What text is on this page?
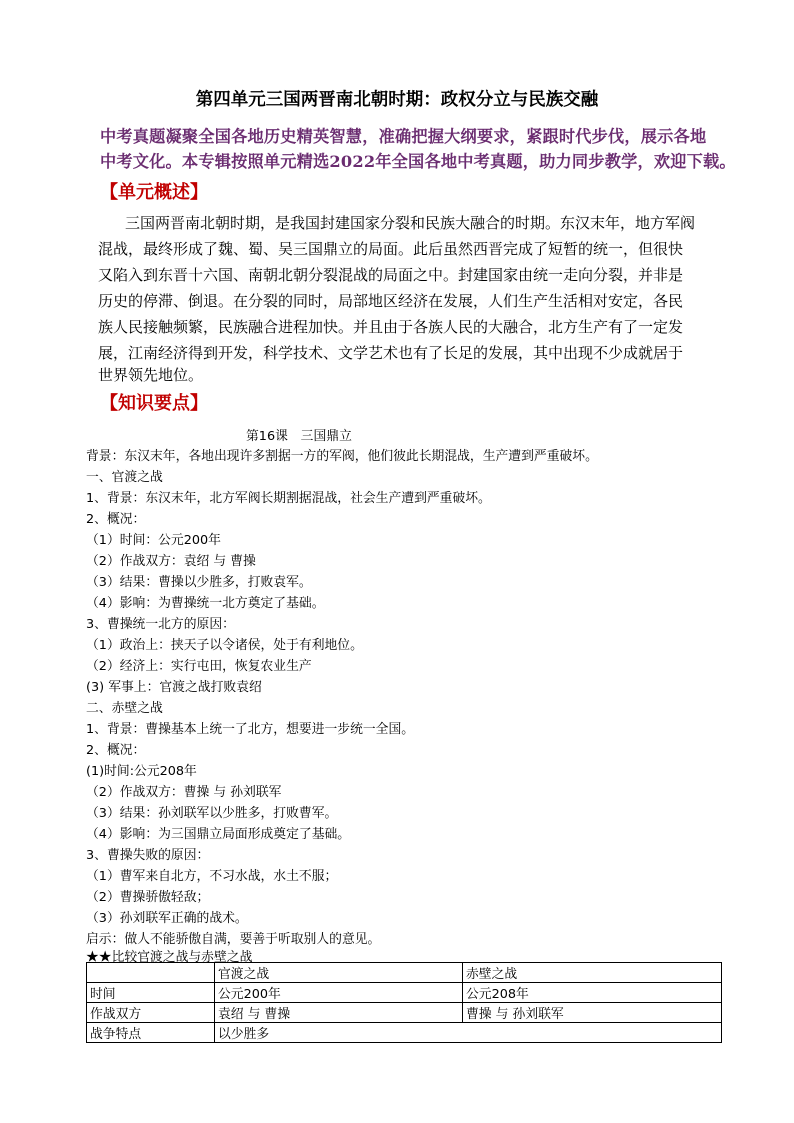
第四单元三国两晋南北朝时期：政权分立与民族交融
中考真题凝聚全国各地历史精英智慧，准确把握大纲要求，紧跟时代步伐，展示各地
中考文化。本专辑按照单元精选2022年全国各地中考真题，助力同步教学，欢迎下载。
【单元概述】
三国两晋南北朝时期，是我国封建国家分裂和民族大融合的时期。东汉末年，地方军阀
混战，最终形成了魏、蜀、吴三国鼎立的局面。此后虽然西晋完成了短暂的统一，但很快
又陷入到东晋十六国、南朝北朝分裂混战的局面之中。封建国家由统一走向分裂，并非是
历史的停滞、倒退。在分裂的同时，局部地区经济在发展，人们生产生活相对安定，各民
族人民接触频繁，民族融合进程加快。并且由于各族人民的大融合，北方生产有了一定发
展，江南经济得到开发，科学技术、文学艺术也有了长足的发展，其中出现不少成就居于
世界领先地位。
【知识要点】
第16课　三国鼎立
背景：东汉末年，各地出现许多割据一方的军阀，他们彼此长期混战，生产遭到严重破坏。
一、官渡之战
1、背景：东汉末年，北方军阀长期割据混战，社会生产遭到严重破坏。
2、概况：
（1）时间：公元200年
（2）作战双方：袁绍 与 曹操
（3）结果：曹操以少胜多，打败袁军。
（4）影响：为曹操统一北方奠定了基础。
3、曹操统一北方的原因：
（1）政治上：挟天子以令诸侯，处于有利地位。
（2）经济上：实行屯田，恢复农业生产
(3) 军事上：官渡之战打败袁绍
二、赤壁之战
1、背景：曹操基本上统一了北方，想要进一步统一全国。
2、概况：
(1)时间:公元208年
（2）作战双方：曹操 与 孙刘联军
（3）结果：孙刘联军以少胜多，打败曹军。
（4）影响：为三国鼎立局面形成奠定了基础。
3、曹操失败的原因：
（1）曹军来自北方，不习水战，水土不服；
（2）曹操骄傲轻敌；
（3）孙刘联军正确的战术。
启示：做人不能骄傲自满，要善于听取别人的意见。
★★比较官渡之战与赤壁之战
	官渡之战	赤壁之战
时间	公元200年	公元208年
作战双方	袁绍 与 曹操	曹操 与 孙刘联军
战争特点	以少胜多	
